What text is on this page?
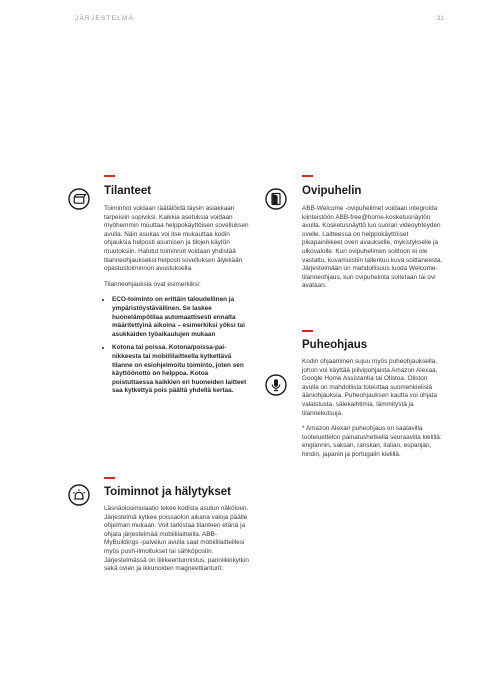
JÄRJESTELMÄ	31
Tilanteet

Toiminnot voidaan räätälöidä täysin asiakkaan tarpeisiin sopiviksi. Kaikkia asetuksia voidaan myöhemmin muuttaa helppokäyttöisen sovelluksen avulla. Näin asukas voi itse mukauttaa kodin ohjauksia helposti asumisen ja tilojen käytön muutoksiin. Halutut toiminnot voidaan yhdistää tilanneohjaukseksi helposti sovelluksen älykkään opastustoiminnon avustuksella.

Tilanneohjauksia ovat esimerkiksi:

• ECO-toiminto on erittäin taloudellinen ja ympäristöystävällinen. Se laskee huonelämpötilaa automaattisesti ennalta määritettyinä aikoina – esimerkiksi yöksi tai asukkaiden työaikaulujen mukaan
• Kotona tai poissa. Kotona/poissa-painikkeesta tai mobiililaitteella kytkettävä tilanne on esiohjelmoitu toiminto, joten sen käyttöönotto on helppoa. Kotoa poistuttaessa kaikkien eri huoneiden laitteet saa kytkettyä pois päältä yhdellä kertaa.
Toiminnot ja hälytykset

Läsnäolosimulaatio tekee kodista asutun näköisen. Järjestelmä kytkee poissaolon aikana valoja päälle ohjelman mukaan. Voit tarkistaa tilanteen etänä ja ohjata järjestelmää mobiililaitteilla. ABB-MyBuildings -palvelun avulla saat mobiililaitteillesi myös push-ilmoitukset tai sähköpostin. Järjestelmässä on liikkeentunnistus, panniikkikytkin sekä ovien ja ikkunoiden magneettianturit.

Ovipuhelin

ABB-Welcome -ovipuhelimet voidaan integroida kiinteistöön ABB-free@home-kosketusnäytön avulla. Kosketusnäyttö luo suoran videoyhteyden ovelle. Laitteessa on helppokäyttöiset pikapainikkeet oven avaukselle, mykistykselle ja ulkovalolle. Kun ovipuhelimen soittoon ei ole vastattu, kuvamuistiin tallentuu kuva soittaneesta. Järjestelmään on mahdollisuus luoda Welcome-tilanneohjaus, kun ovipuhelinta soitetaan tai ovi avataan.

Puheohjaus

Kodin ohjaaminen sujuu myös puheohjauksella, johon voi käyttää piilvipohjaista Amazon Alexaa, Google Home Assistantia tai Olistoa. Oliston avulla on mahdollista toteuttaa suomenkielisiä ääniohjauksia. Puheohjauksen kautta voi ohjata valaistusta, sälekaihtimia, lämmitystä ja tilannekutsuja.

* Amazon Alexan puheohjaus on saatavilla tuoteluettelon painatushetkellä seuraavilla kielillä: englannin, saksan, ranskan, italian, espanjan, hindin, japanin ja portugalin kielillä.
